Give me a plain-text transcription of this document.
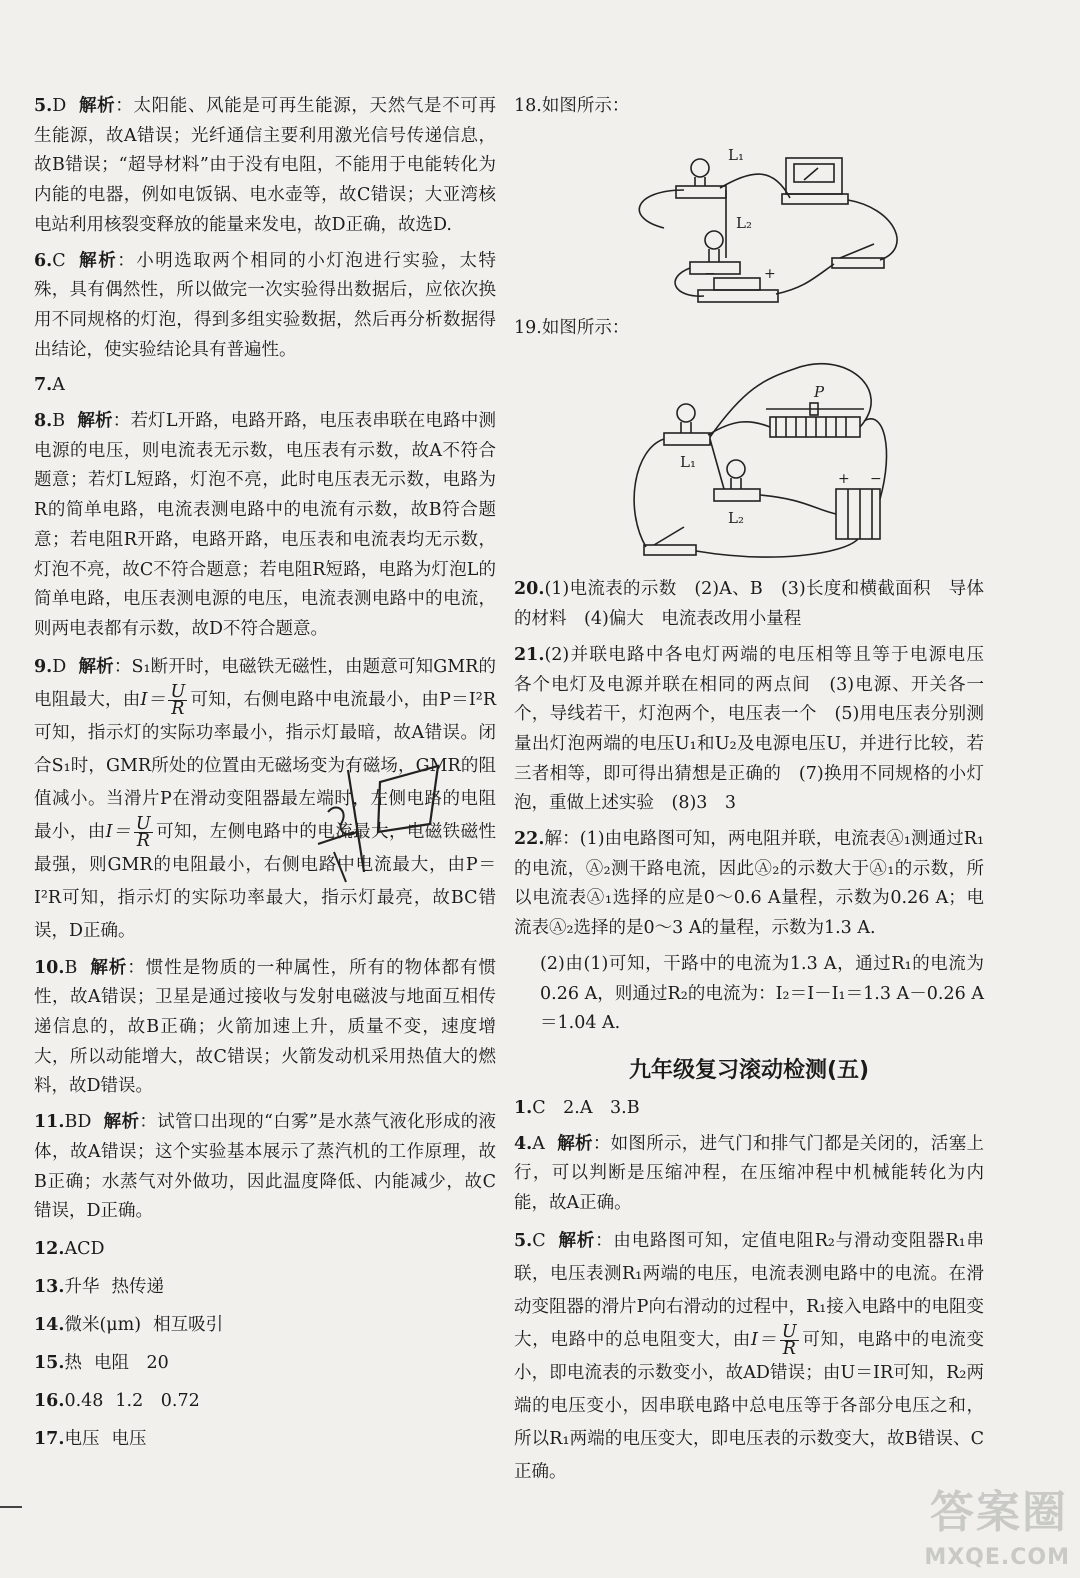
5.D 解析：太阳能、风能是可再生能源，天然气是不可再生能源，故A错误；光纤通信主要利用激光信号传递信息，故B错误；“超导材料”由于没有电阻，不能用于电能转化为内能的电器，例如电饭锅、电水壶等，故C错误；大亚湾核电站利用核裂变释放的能量来发电，故D正确，故选D.
6.C 解析：小明选取两个相同的小灯泡进行实验，太特殊，具有偶然性，所以做完一次实验得出数据后，应依次换用不同规格的灯泡，得到多组实验数据，然后再分析数据得出结论，使实验结论具有普遍性。
7.A
8.B 解析：若灯L开路，电路开路，电压表串联在电路中测电源的电压，则电流表无示数，电压表有示数，故A不符合题意；若灯L短路，灯泡不亮，此时电压表无示数，电路为R的简单电路，电流表测电路中的电流有示数，故B符合题意；若电阻R开路，电路开路，电压表和电流表均无示数，灯泡不亮，故C不符合题意；若电阻R短路，电路为灯泡L的简单电路，电压表测电源的电压，电流表测电路中的电流，则两电表都有示数，故D不符合题意。
9.D 解析：S₁断开时，电磁铁无磁性，由题意可知GMR的电阻最大，由$I= \frac{U}{R}$ 可知，右侧电路中电流最小，由P＝I²R可知，指示灯的实际功率最小，指示灯最暗，故A错误。闭合S₁时，GMR所处的位置由无磁场变为有磁场，GMR的阻值减小。当滑片P在滑动变阻器最左端时，左侧电路的电阻最小，由$I= \frac{U}{R}$ 可知，左侧电路中的电流最大，电磁铁磁性最强，则GMR的电阻最小，右侧电路中电流最大，由P＝I²R可知，指示灯的实际功率最大，指示灯最亮，故BC错误，D正确。
10.B 解析：惯性是物质的一种属性，所有的物体都有惯性，故A错误；卫星是通过接收与发射电磁波与地面互相传递信息的，故B正确；火箭加速上升，质量不变，速度增大，所以动能增大，故C错误；火箭发动机采用热值大的燃料，故D错误。
11.BD 解析：试管口出现的“白雾”是水蒸气液化形成的液体，故A错误；这个实验基本展示了蒸汽机的工作原理，故B正确；水蒸气对外做功，因此温度降低、内能减少，故C错误，D正确。
12.ACD
13.升华 热传递
14.微米(μm) 相互吸引
15.热 电阻　20
16.0.48 1.2　0.72
17.电压 电压
18.如图所示：
L₁
L₂
+
−
19.如图所示：
P
L₁
L₂
+ −
20.(1)电流表的示数　(2)A、B　(3)长度和横截面积　导体的材料　(4)偏大　电流表改用小量程
21.(2)并联电路中各电灯两端的电压相等且等于电源电压　各个电灯及电源并联在相同的两点间　(3)电源、开关各一个，导线若干，灯泡两个，电压表一个　(5)用电压表分别测量出灯泡两端的电压U₁和U₂及电源电压U，并进行比较，若三者相等，即可得出猜想是正确的　(7)换用不同规格的小灯泡，重做上述实验　(8)3　3
22.解：(1)由电路图可知，两电阻并联，电流表Ⓐ₁测通过R₁的电流，Ⓐ₂测干路电流，因此Ⓐ₂的示数大于Ⓐ₁的示数，所以电流表Ⓐ₁选择的应是0～0.6 A量程，示数为0.26 A；电流表Ⓐ₂选择的是0～3 A的量程，示数为1.3 A.
(2)由(1)可知，干路中的电流为1.3 A，通过R₁的电流为0.26 A，则通过R₂的电流为：I₂＝I－I₁＝1.3 A－0.26 A＝1.04 A.
九年级复习滚动检测(五)
1.C　2.A　3.B
4.A 解析：如图所示，进气门和排气门都是关闭的，活塞上行，可以判断是压缩冲程，在压缩冲程中机械能转化为内能，故A正确。
5.C 解析：由电路图可知，定值电阻R₂与滑动变阻器R₁串联，电压表测R₁两端的电压，电流表测电路中的电流。在滑动变阻器的滑片P向右滑动的过程中，R₁接入电路中的电阻变大，电路中的总电阻变大，由$I= \frac{U}{R}$ 可知，电路中的电流变小，即电流表的示数变小，故AD错误；由U＝IR可知，R₂两端的电压变小，因串联电路中总电压等于各部分电压之和，所以R₁两端的电压变大，即电压表的示数变大，故B错误、C正确。
答案圈
MXQE.COM
